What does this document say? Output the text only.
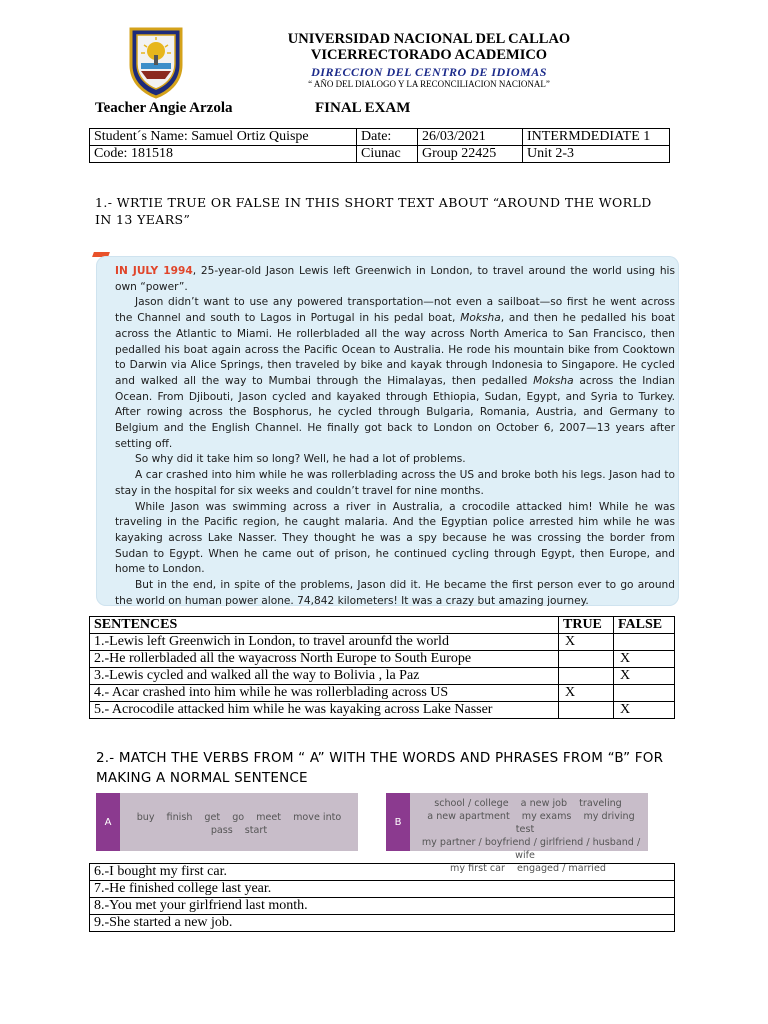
UNIVERSIDAD NACIONAL DEL CALLAO
VICERRECTORADO ACADEMICO
DIRECCION DEL CENTRO DE IDIOMAS
“ AÑO DEL DIALOGO Y LA RECONCILIACION NACIONAL”
Teacher Angie Arzola	FINAL EXAM
Student´s Name: Samuel Ortiz Quispe	Date:	26/03/2021	INTERMDEDIATE 1
Code: 181518	Ciunac	Group 22425	Unit 2-3
1.- WRTIE TRUE OR FALSE IN THIS SHORT TEXT ABOUT “AROUND THE WORLD IN 13 YEARS”

IN JULY 1994, 25-year-old Jason Lewis left Greenwich in London, to travel around the world using his own “power”.

Jason didn’t want to use any powered transportation—not even a sailboat—so first he went across the Channel and south to Lagos in Portugal in his pedal boat, Moksha, and then he pedalled his boat across the Atlantic to Miami. He rollerbladed all the way across North America to San Francisco, then pedalled his boat again across the Pacific Ocean to Australia. He rode his mountain bike from Cooktown to Darwin via Alice Springs, then traveled by bike and kayak through Indonesia to Singapore. He cycled and walked all the way to Mumbai through the Himalayas, then pedalled Moksha across the Indian Ocean. From Djibouti, Jason cycled and kayaked through Ethiopia, Sudan, Egypt, and Syria to Turkey. After rowing across the Bosphorus, he cycled through Bulgaria, Romania, Austria, and Germany to Belgium and the English Channel. He finally got back to London on October 6, 2007—13 years after setting off.

So why did it take him so long? Well, he had a lot of problems.

A car crashed into him while he was rollerblading across the US and broke both his legs. Jason had to stay in the hospital for six weeks and couldn’t travel for nine months.

While Jason was swimming across a river in Australia, a crocodile attacked him! While he was traveling in the Pacific region, he caught malaria. And the Egyptian police arrested him while he was kayaking across Lake Nasser. They thought he was a spy because he was crossing the border from Sudan to Egypt. When he came out of prison, he continued cycling through Egypt, then Europe, and home to London.

But in the end, in spite of the problems, Jason did it. He became the first person ever to go around the world on human power alone. 74,842 kilometers! It was a crazy but amazing journey.

SENTENCES	TRUE	FALSE
1.-Lewis left Greenwich in London, to travel arounfd the world	X	
2.-He rollerbladed all the wayacross North Europe to South Europe		X
3.-Lewis cycled and walked all the way to Bolivia , la Paz		X
4.- Acar crashed into him while he was rollerblading across US	X	
5.- Acrocodile attacked him while he was kayaking across Lake Nasser		X
2.- MATCH THE VERBS FROM “ A” WITH THE WORDS AND PHRASES FROM “B” FOR MAKING A NORMAL SENTENCE
A	buy finish get go meet move into
pass start
B
school / college a new job traveling
a new apartment my exams my driving test
my partner / boyfriend / girlfriend / husband / wife
my first car engaged / married
6.-I bought my first car.
7.-He finished college last year.
8.-You met your girlfriend last month.
9.-She started a new job.
